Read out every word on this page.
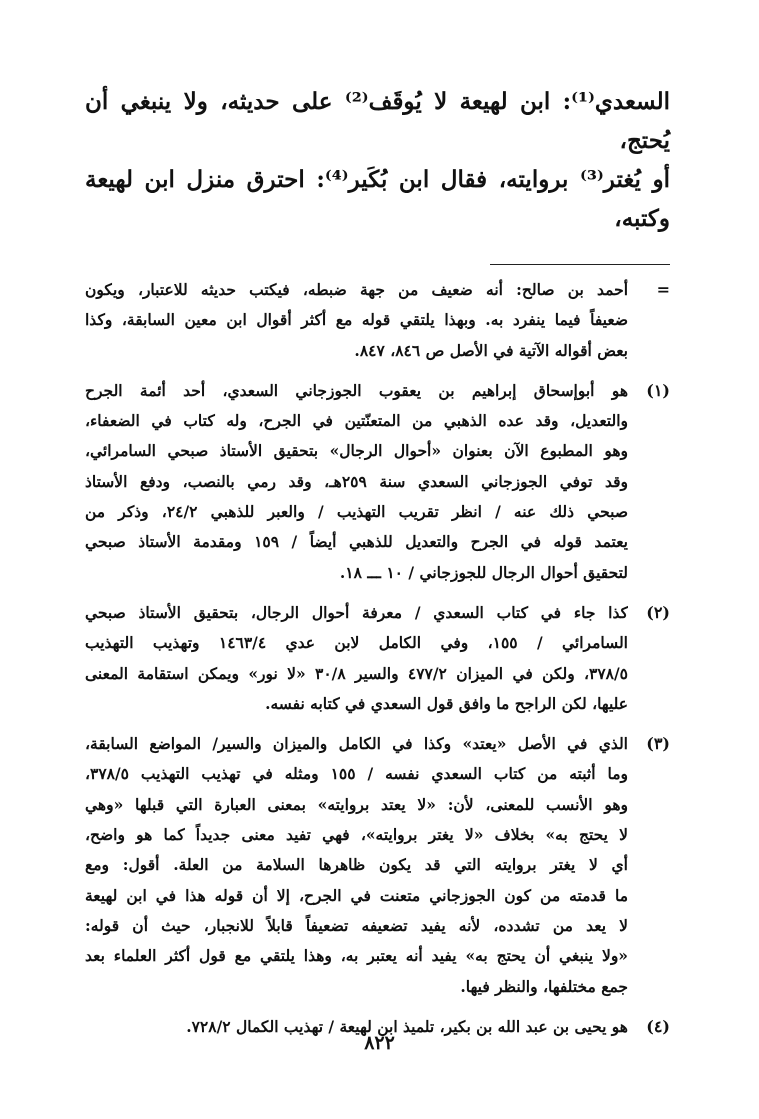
السعدي⁽¹⁾: ابن لهيعة لا يُوقَف⁽²⁾ على حديثه، ولا ينبغي أن يُحتج،

أو يُغتر⁽³⁾ بروايته، فقال ابن بُكَير⁽⁴⁾: احترق منزل ابن لهيعة وكتبه،

=
أحمد بن صالح: أنه ضعيف من جهة ضبطه، فيكتب حديثه للاعتبار، ويكون
ضعيفاً فيما ينفرد به. وبهذا يلتقي قوله مع أكثر أقوال ابن معين السابقة، وكذا
بعض أقواله الآتية في الأصل ص ٨٤٦، ٨٤٧.
(١)
هو أبوإسحاق إبراهيم بن يعقوب الجوزجاني السعدي، أحد أئمة الجرح
والتعديل، وقد عده الذهبي من المتعنّتين في الجرح، وله كتاب في الضعفاء،
وهو المطبوع الآن بعنوان «أحوال الرجال» بتحقيق الأستاذ صبحي السامرائي،
وقد توفي الجوزجاني السعدي سنة ٢٥٩هـ، وقد رمي بالنصب، ودفع الأستاذ
صبحي ذلك عنه / انظر تقريب التهذيب / والعبر للذهبي ٢٤/٢، وذكر من
يعتمد قوله في الجرح والتعديل للذهبي أيضاً / ١٥٩ ومقدمة الأستاذ صبحي
لتحقيق أحوال الرجال للجوزجاني / ١٠ ـــ ١٨.
(٢)
كذا جاء في كتاب السعدي / معرفة أحوال الرجال، بتحقيق الأستاذ صبحي
السامرائي / ١٥٥، وفي الكامل لابن عدي ١٤٦٣/٤ وتهذيب التهذيب
٣٧٨/٥، ولكن في الميزان ٤٧٧/٢ والسير ٣٠/٨ «لا نور» ويمكن استقامة المعنى
عليها، لكن الراجح ما وافق قول السعدي في كتابه نفسه.
(٣)
الذي في الأصل «يعتد» وكذا في الكامل والميزان والسير/ المواضع السابقة،
وما أثبته من كتاب السعدي نفسه / ١٥٥ ومثله في تهذيب التهذيب ٣٧٨/٥،
وهو الأنسب للمعنى، لأن: «لا يعتد بروايته» بمعنى العبارة التي قبلها «وهي
لا يحتج به» بخلاف «لا يغتر بروايته»، فهي تفيد معنى جديداً كما هو واضح،
أي لا يغتر بروايته التي قد يكون ظاهرها السلامة من العلة. أقول: ومع
ما قدمته من كون الجوزجاني متعنت في الجرح، إلا أن قوله هذا في ابن لهيعة
لا يعد من تشدده، لأنه يفيد تضعيفه تضعيفاً قابلاً للانجبار، حيث أن قوله:
«ولا ينبغي أن يحتج به» يفيد أنه يعتبر به، وهذا يلتقي مع قول أكثر العلماء بعد
جمع مختلفها، والنظر فيها.
(٤)
هو يحيى بن عبد الله بن بكير، تلميذ ابن لهيعة / تهذيب الكمال ٧٢٨/٢.
٨٢٢
